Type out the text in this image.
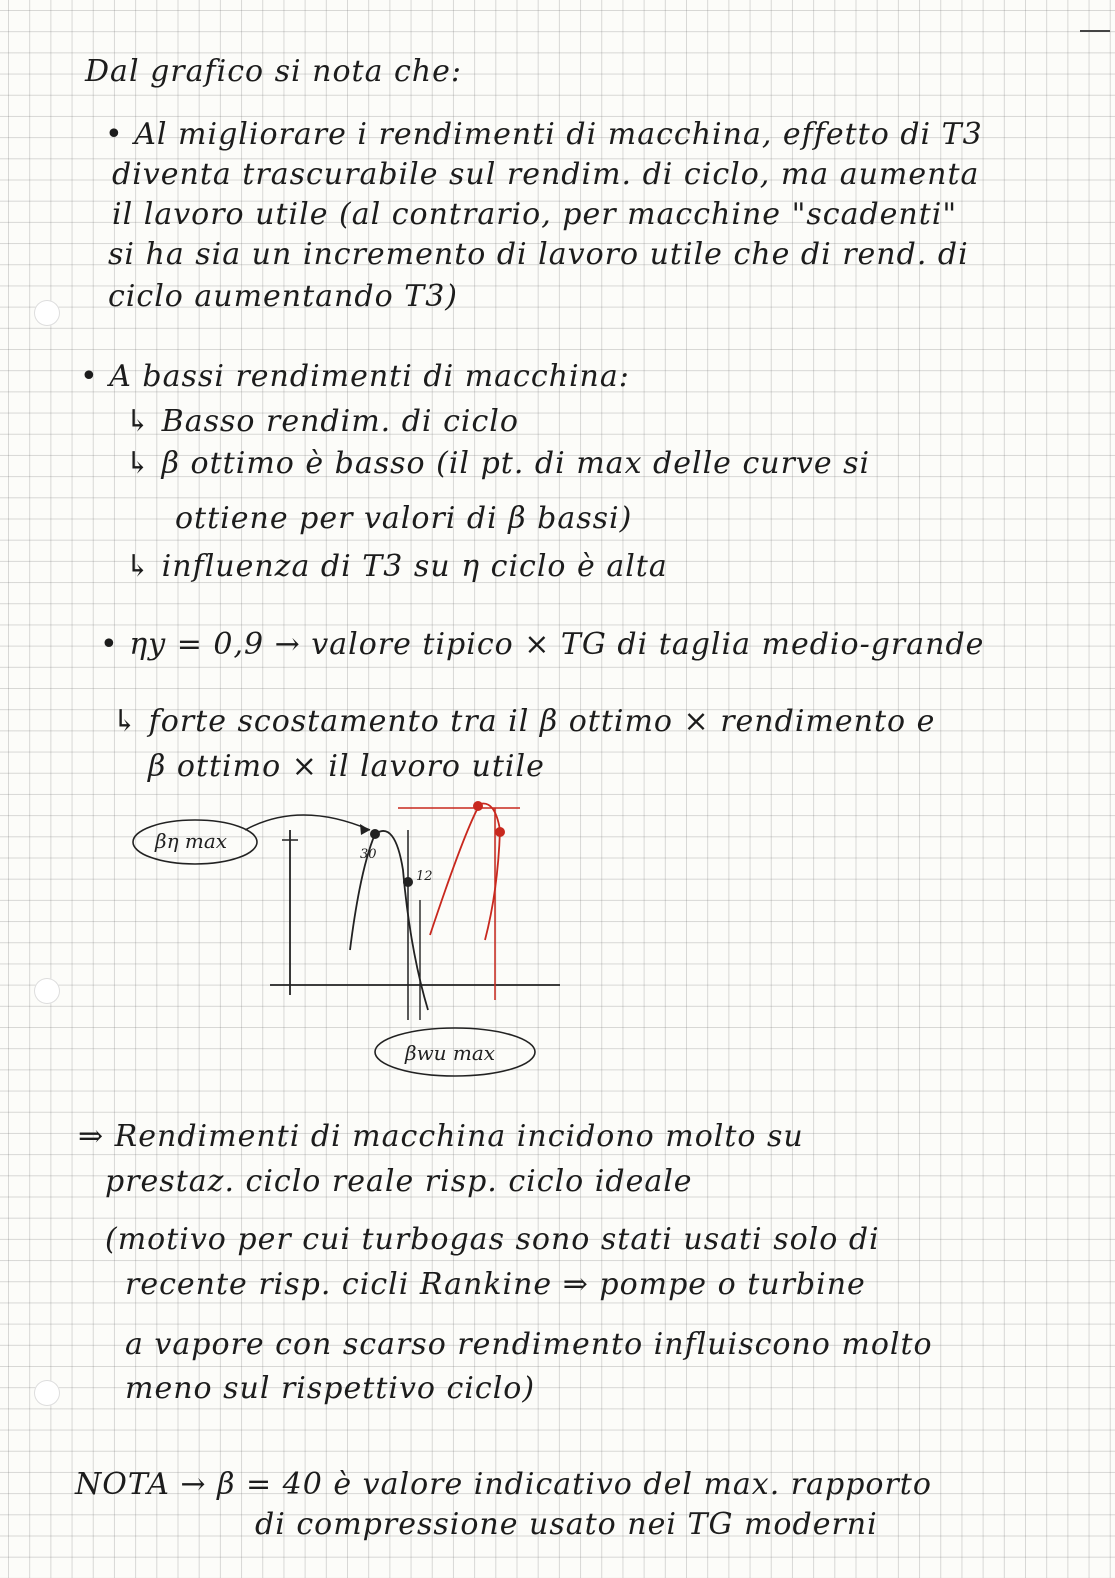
Dal grafico si nota che:
• Al migliorare i rendimenti di macchina, effetto di T3
diventa trascurabile sul rendim. di ciclo, ma aumenta
il lavoro utile (al contrario, per macchine "scadenti"
si ha sia un incremento di lavoro utile che di rend. di
ciclo aumentando T3)
• A bassi rendimenti di macchina:
↳ Basso rendim. di ciclo
↳ β ottimo è basso (il pt. di max delle curve si
ottiene per valori di β bassi)
↳ influenza di T3 su η ciclo è alta
• ηy = 0,9 → valore tipico × TG di taglia medio-grande
↳ forte scostamento tra il β ottimo × rendimento e
β ottimo × il lavoro utile
βη max
30
12
βwu max
⇒ Rendimenti di macchina incidono molto su
prestaz. ciclo reale risp. ciclo ideale
(motivo per cui turbogas sono stati usati solo di
recente risp. cicli Rankine ⇒ pompe o turbine
a vapore con scarso rendimento influiscono molto
meno sul rispettivo ciclo)
NOTA → β = 40 è valore indicativo del max. rapporto
di compressione usato nei TG moderni
